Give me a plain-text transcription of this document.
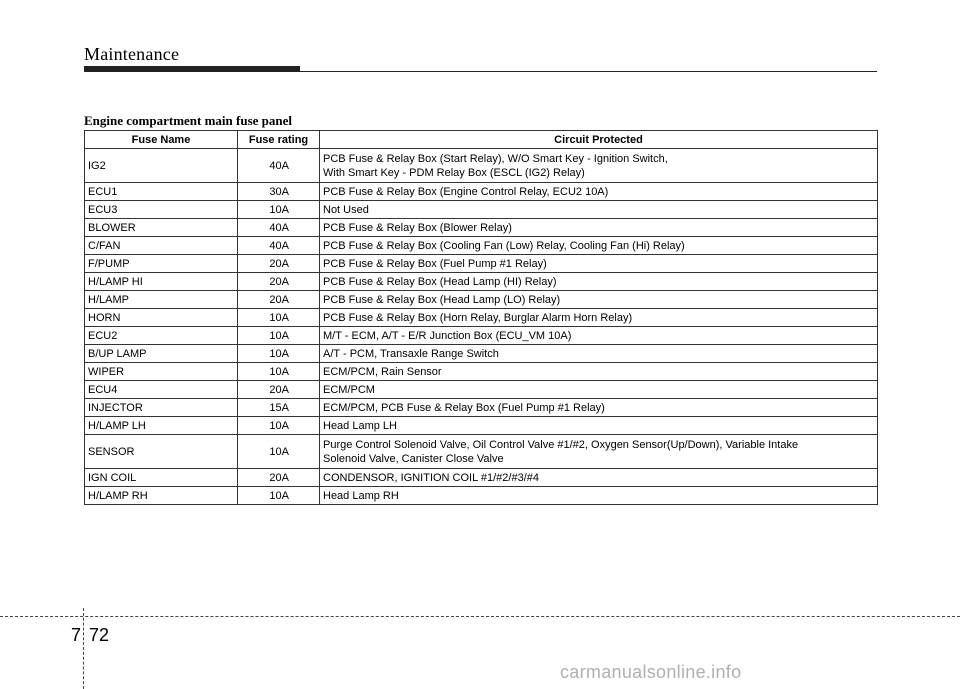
Maintenance
Engine compartment main fuse panel
Fuse Name	Fuse rating	Circuit Protected
IG2	40A	PCB Fuse & Relay Box (Start Relay), W/O Smart Key - Ignition Switch,
With Smart Key - PDM Relay Box (ESCL (IG2) Relay)
ECU1	30A	PCB Fuse & Relay Box (Engine Control Relay, ECU2 10A)
ECU3	10A	Not Used
BLOWER	40A	PCB Fuse & Relay Box (Blower Relay)
C/FAN	40A	PCB Fuse & Relay Box (Cooling Fan (Low) Relay, Cooling Fan (Hi) Relay)
F/PUMP	20A	PCB Fuse & Relay Box (Fuel Pump #1 Relay)
H/LAMP HI	20A	PCB Fuse & Relay Box (Head Lamp (HI) Relay)
H/LAMP	20A	PCB Fuse & Relay Box (Head Lamp (LO) Relay)
HORN	10A	PCB Fuse & Relay Box (Horn Relay, Burglar Alarm Horn Relay)
ECU2	10A	M/T - ECM, A/T - E/R Junction Box (ECU_VM 10A)
B/UP LAMP	10A	A/T - PCM, Transaxle Range Switch
WIPER	10A	ECM/PCM, Rain Sensor
ECU4	20A	ECM/PCM
INJECTOR	15A	ECM/PCM, PCB Fuse & Relay Box (Fuel Pump #1 Relay)
H/LAMP LH	10A	Head Lamp LH
SENSOR	10A	Purge Control Solenoid Valve, Oil Control Valve #1/#2, Oxygen Sensor(Up/Down), Variable Intake
Solenoid Valve, Canister Close Valve
IGN COIL	20A	CONDENSOR, IGNITION COIL #1/#2/#3/#4
H/LAMP RH	10A	Head Lamp RH
7 72
carmanualsonline.info
